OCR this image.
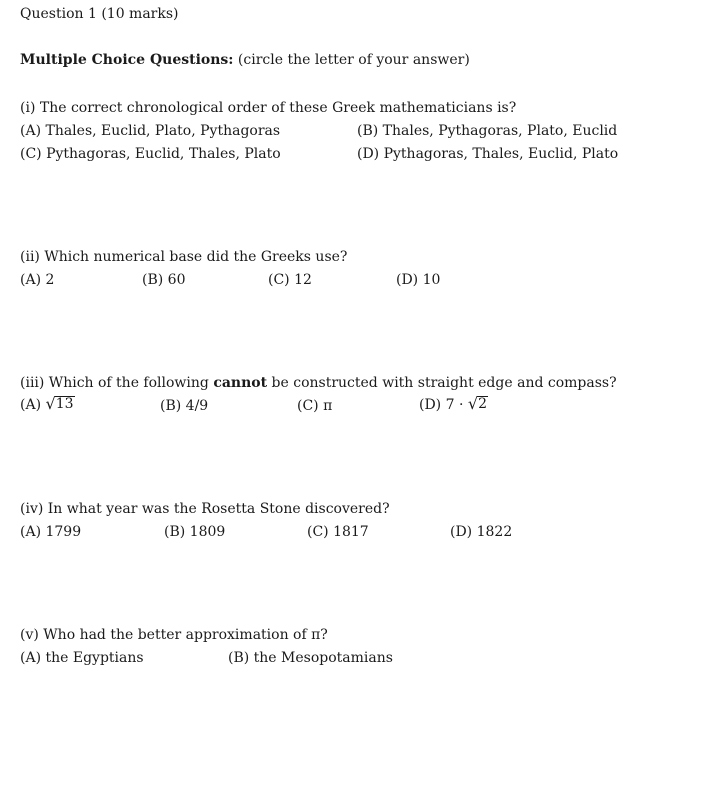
Question 1 (10 marks)
Multiple Choice Questions: (circle the letter of your answer)
(i) The correct chronological order of these Greek mathematicians is?
(A) Thales, Euclid, Plato, Pythagoras	(B) Thales, Pythagoras, Plato, Euclid
(C) Pythagoras, Euclid, Thales, Plato	(D) Pythagoras, Thales, Euclid, Plato
(ii) Which numerical base did the Greeks use?
(A) 2	(B) 60	(C) 12	(D) 10
(iii) Which of the following cannot be constructed with straight edge and compass?
(A) √ 13	(B) 4/9	(C) π	(D) 7 · √ 2
(iv) In what year was the Rosetta Stone discovered?
(A) 1799	(B) 1809	(C) 1817	(D) 1822
(v) Who had the better approximation of π?
(A) the Egyptians	(B) the Mesopotamians
